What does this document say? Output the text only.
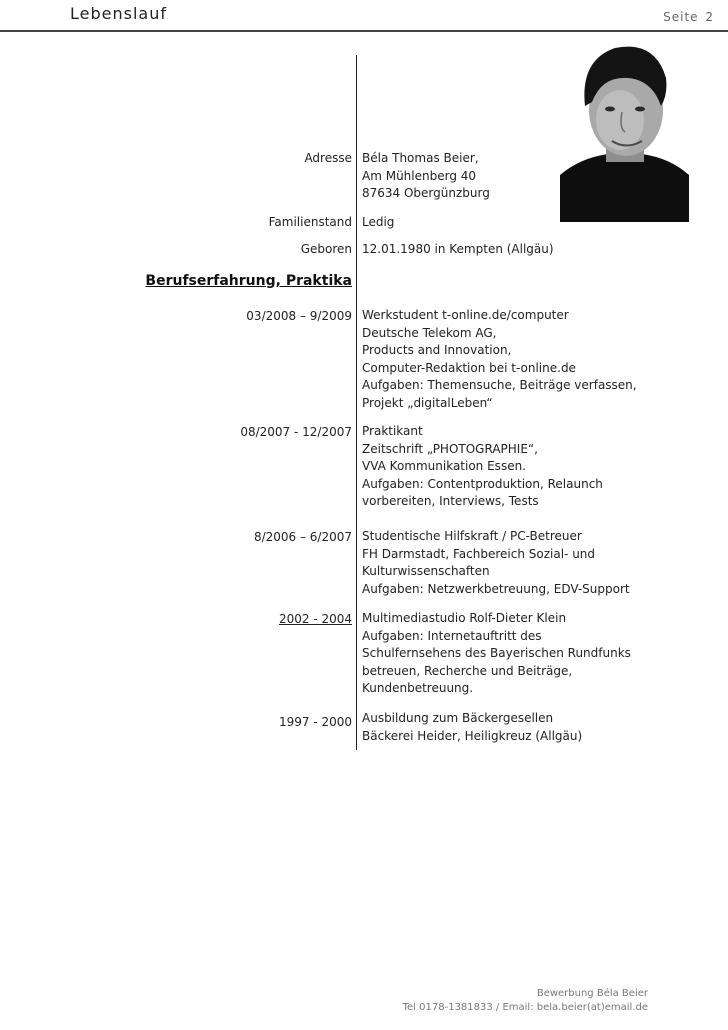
Lebenslauf	Seite 2
Adresse Béla Thomas Beier,
Am Mühlenberg 40
87634 Obergünzburg
Familienstand Ledig
Geboren 12.01.1980 in Kempten (Allgäu)
Berufserfahrung, Praktika
03/2008 – 9/2009 Werkstudent t-online.de/computer
Deutsche Telekom AG,
Products and Innovation,
Computer-Redaktion bei t-online.de
Aufgaben: Themensuche, Beiträge verfassen,
Projekt „digitalLeben“
08/2007 - 12/2007 Praktikant
Zeitschrift „PHOTOGRAPHIE“,
VVA Kommunikation Essen.
Aufgaben: Contentproduktion, Relaunch
vorbereiten, Interviews, Tests
8/2006 – 6/2007 Studentische Hilfskraft / PC-Betreuer
FH Darmstadt, Fachbereich Sozial- und
Kulturwissenschaften
Aufgaben: Netzwerkbetreuung, EDV-Support
2002 - 2004 Multimediastudio Rolf-Dieter Klein
Aufgaben: Internetauftritt des
Schulfernsehens des Bayerischen Rundfunks
betreuen, Recherche und Beiträge,
Kundenbetreuung.
1997 - 2000 Ausbildung zum Bäckergesellen
Bäckerei Heider, Heiligkreuz (Allgäu)
Bewerbung Béla Beier
Tel 0178-1381833 / Email: bela.beier(at)email.de
